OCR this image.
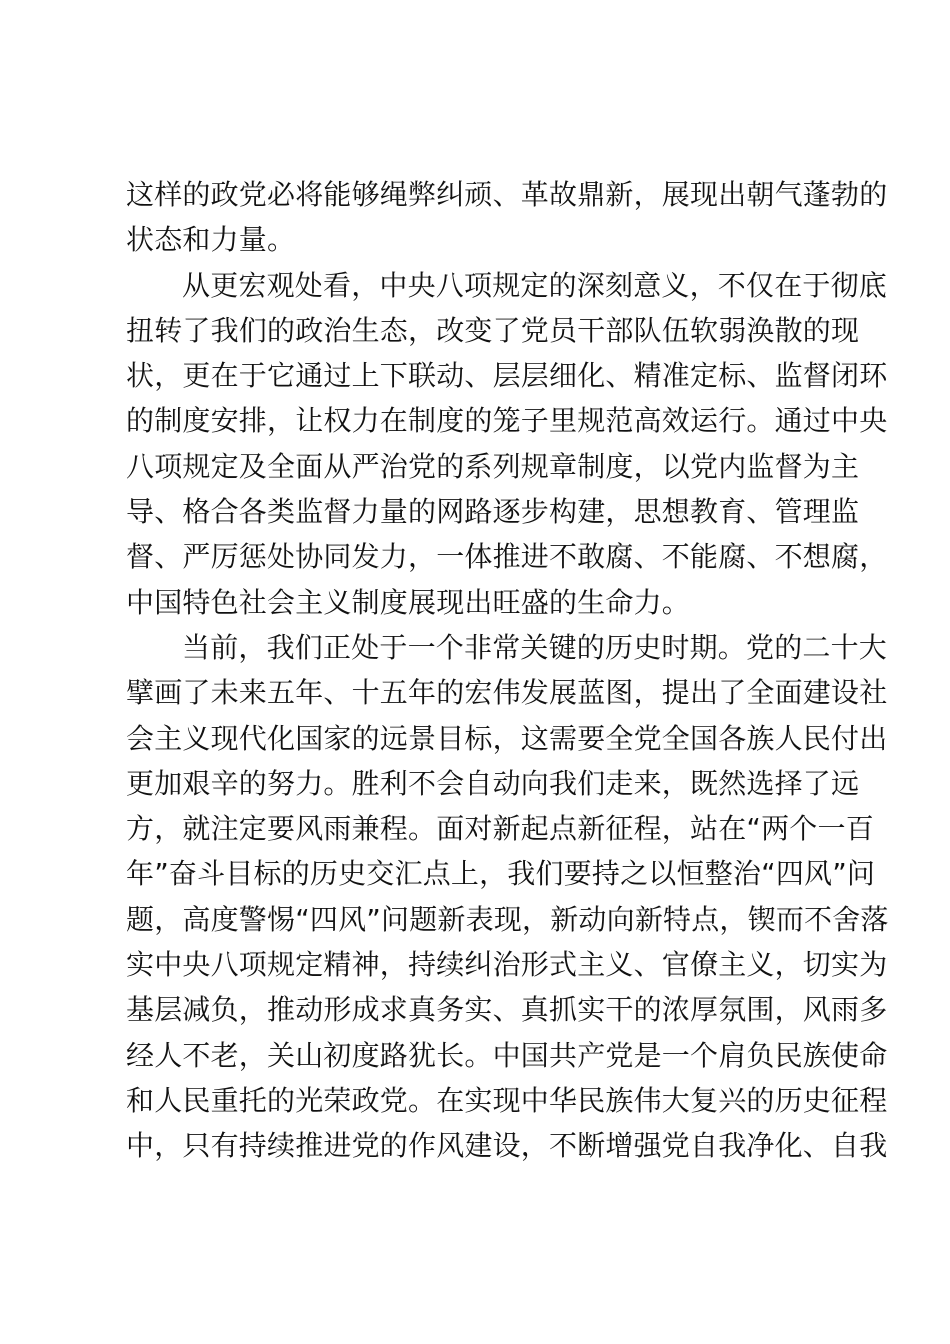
这样的政党必将能够绳弊纠顽、革故鼎新，展现出朝气蓬勃的
状态和力量。
从更宏观处看，中央八项规定的深刻意义，不仅在于彻底
扭转了我们的政治生态，改变了党员干部队伍软弱涣散的现
状，更在于它通过上下联动、层层细化、精准定标、监督闭环
的制度安排，让权力在制度的笼子里规范高效运行。通过中央
八项规定及全面从严治党的系列规章制度，以党内监督为主
导、格合各类监督力量的网路逐步构建，思想教育、管理监
督、严厉惩处协同发力，一体推进不敢腐、不能腐、不想腐，
中国特色社会主义制度展现出旺盛的生命力。
当前，我们正处于一个非常关键的历史时期。党的二十大
擘画了未来五年、十五年的宏伟发展蓝图，提出了全面建设社
会主义现代化国家的远景目标，这需要全党全国各族人民付出
更加艰辛的努力。胜利不会自动向我们走来，既然选择了远
方，就注定要风雨兼程。面对新起点新征程，站在“两个一百
年”奋斗目标的历史交汇点上，我们要持之以恒整治“四风”问
题，高度警惕“四风”问题新表现，新动向新特点，锲而不舍落
实中央八项规定精神，持续纠治形式主义、官僚主义，切实为
基层减负，推动形成求真务实、真抓实干的浓厚氛围，风雨多
经人不老，关山初度路犹长。中国共产党是一个肩负民族使命
和人民重托的光荣政党。在实现中华民族伟大复兴的历史征程
中，只有持续推进党的作风建设，不断增强党自我净化、自我
